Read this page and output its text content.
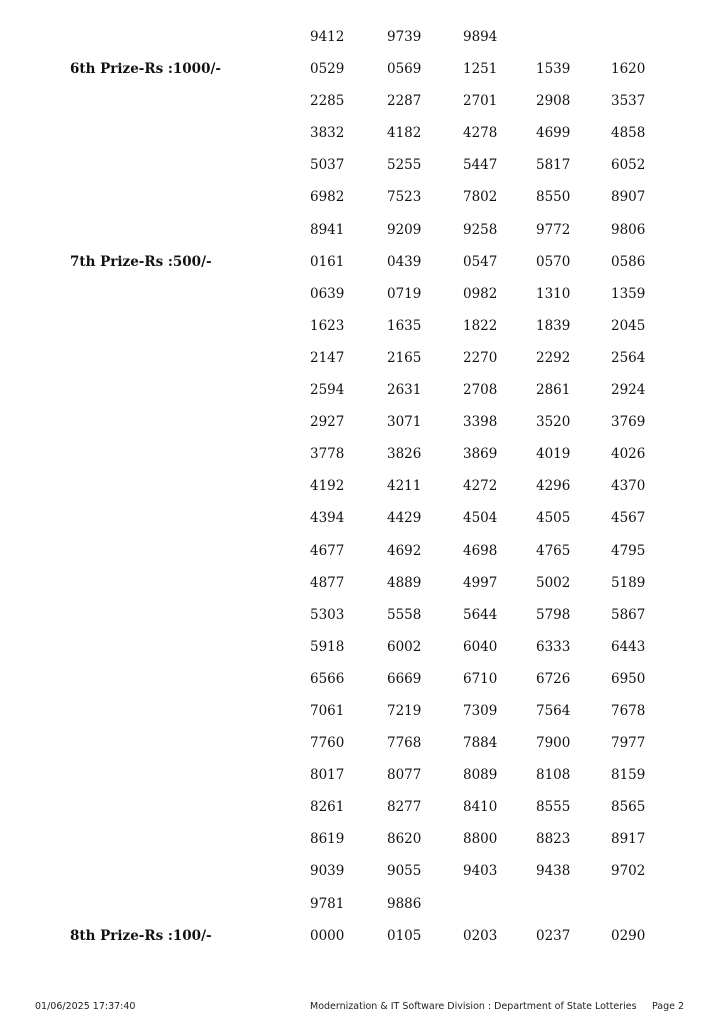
9412	9739	9894
6th Prize-Rs :1000/-	0529	0569	1251	1539	1620
2285	2287	2701	2908	3537
3832	4182	4278	4699	4858
5037	5255	5447	5817	6052
6982	7523	7802	8550	8907
8941	9209	9258	9772	9806
7th Prize-Rs :500/-	0161	0439	0547	0570	0586
0639	0719	0982	1310	1359
1623	1635	1822	1839	2045
2147	2165	2270	2292	2564
2594	2631	2708	2861	2924
2927	3071	3398	3520	3769
3778	3826	3869	4019	4026
4192	4211	4272	4296	4370
4394	4429	4504	4505	4567
4677	4692	4698	4765	4795
4877	4889	4997	5002	5189
5303	5558	5644	5798	5867
5918	6002	6040	6333	6443
6566	6669	6710	6726	6950
7061	7219	7309	7564	7678
7760	7768	7884	7900	7977
8017	8077	8089	8108	8159
8261	8277	8410	8555	8565
8619	8620	8800	8823	8917
9039	9055	9403	9438	9702
9781	9886
8th Prize-Rs :100/-	0000	0105	0203	0237	0290
01/06/2025 17:37:40	Modernization & IT Software Division : Department of State Lotteries Page 2
